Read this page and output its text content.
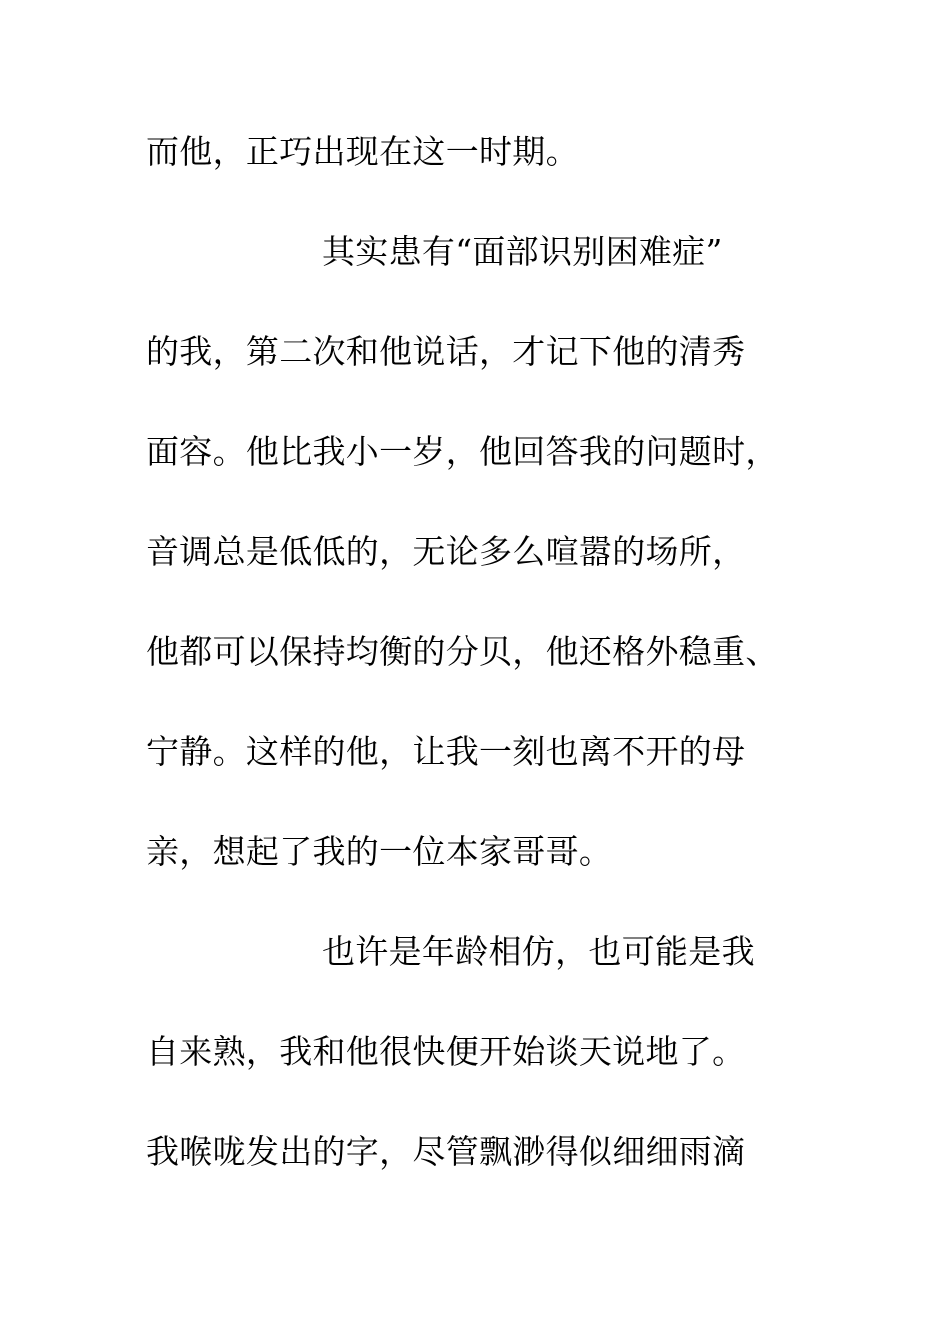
而他，正巧出现在这一时期。
其实患有“面部识别困难症”
的我，第二次和他说话，才记下他的清秀
面容。他比我小一岁，他回答我的问题时，
音调总是低低的，无论多么喧嚣的场所，
他都可以保持均衡的分贝，他还格外稳重、
宁静。这样的他，让我一刻也离不开的母
亲，想起了我的一位本家哥哥。
也许是年龄相仿，也可能是我
自来熟，我和他很快便开始谈天说地了。
我喉咙发出的字，尽管飘渺得似细细雨滴
